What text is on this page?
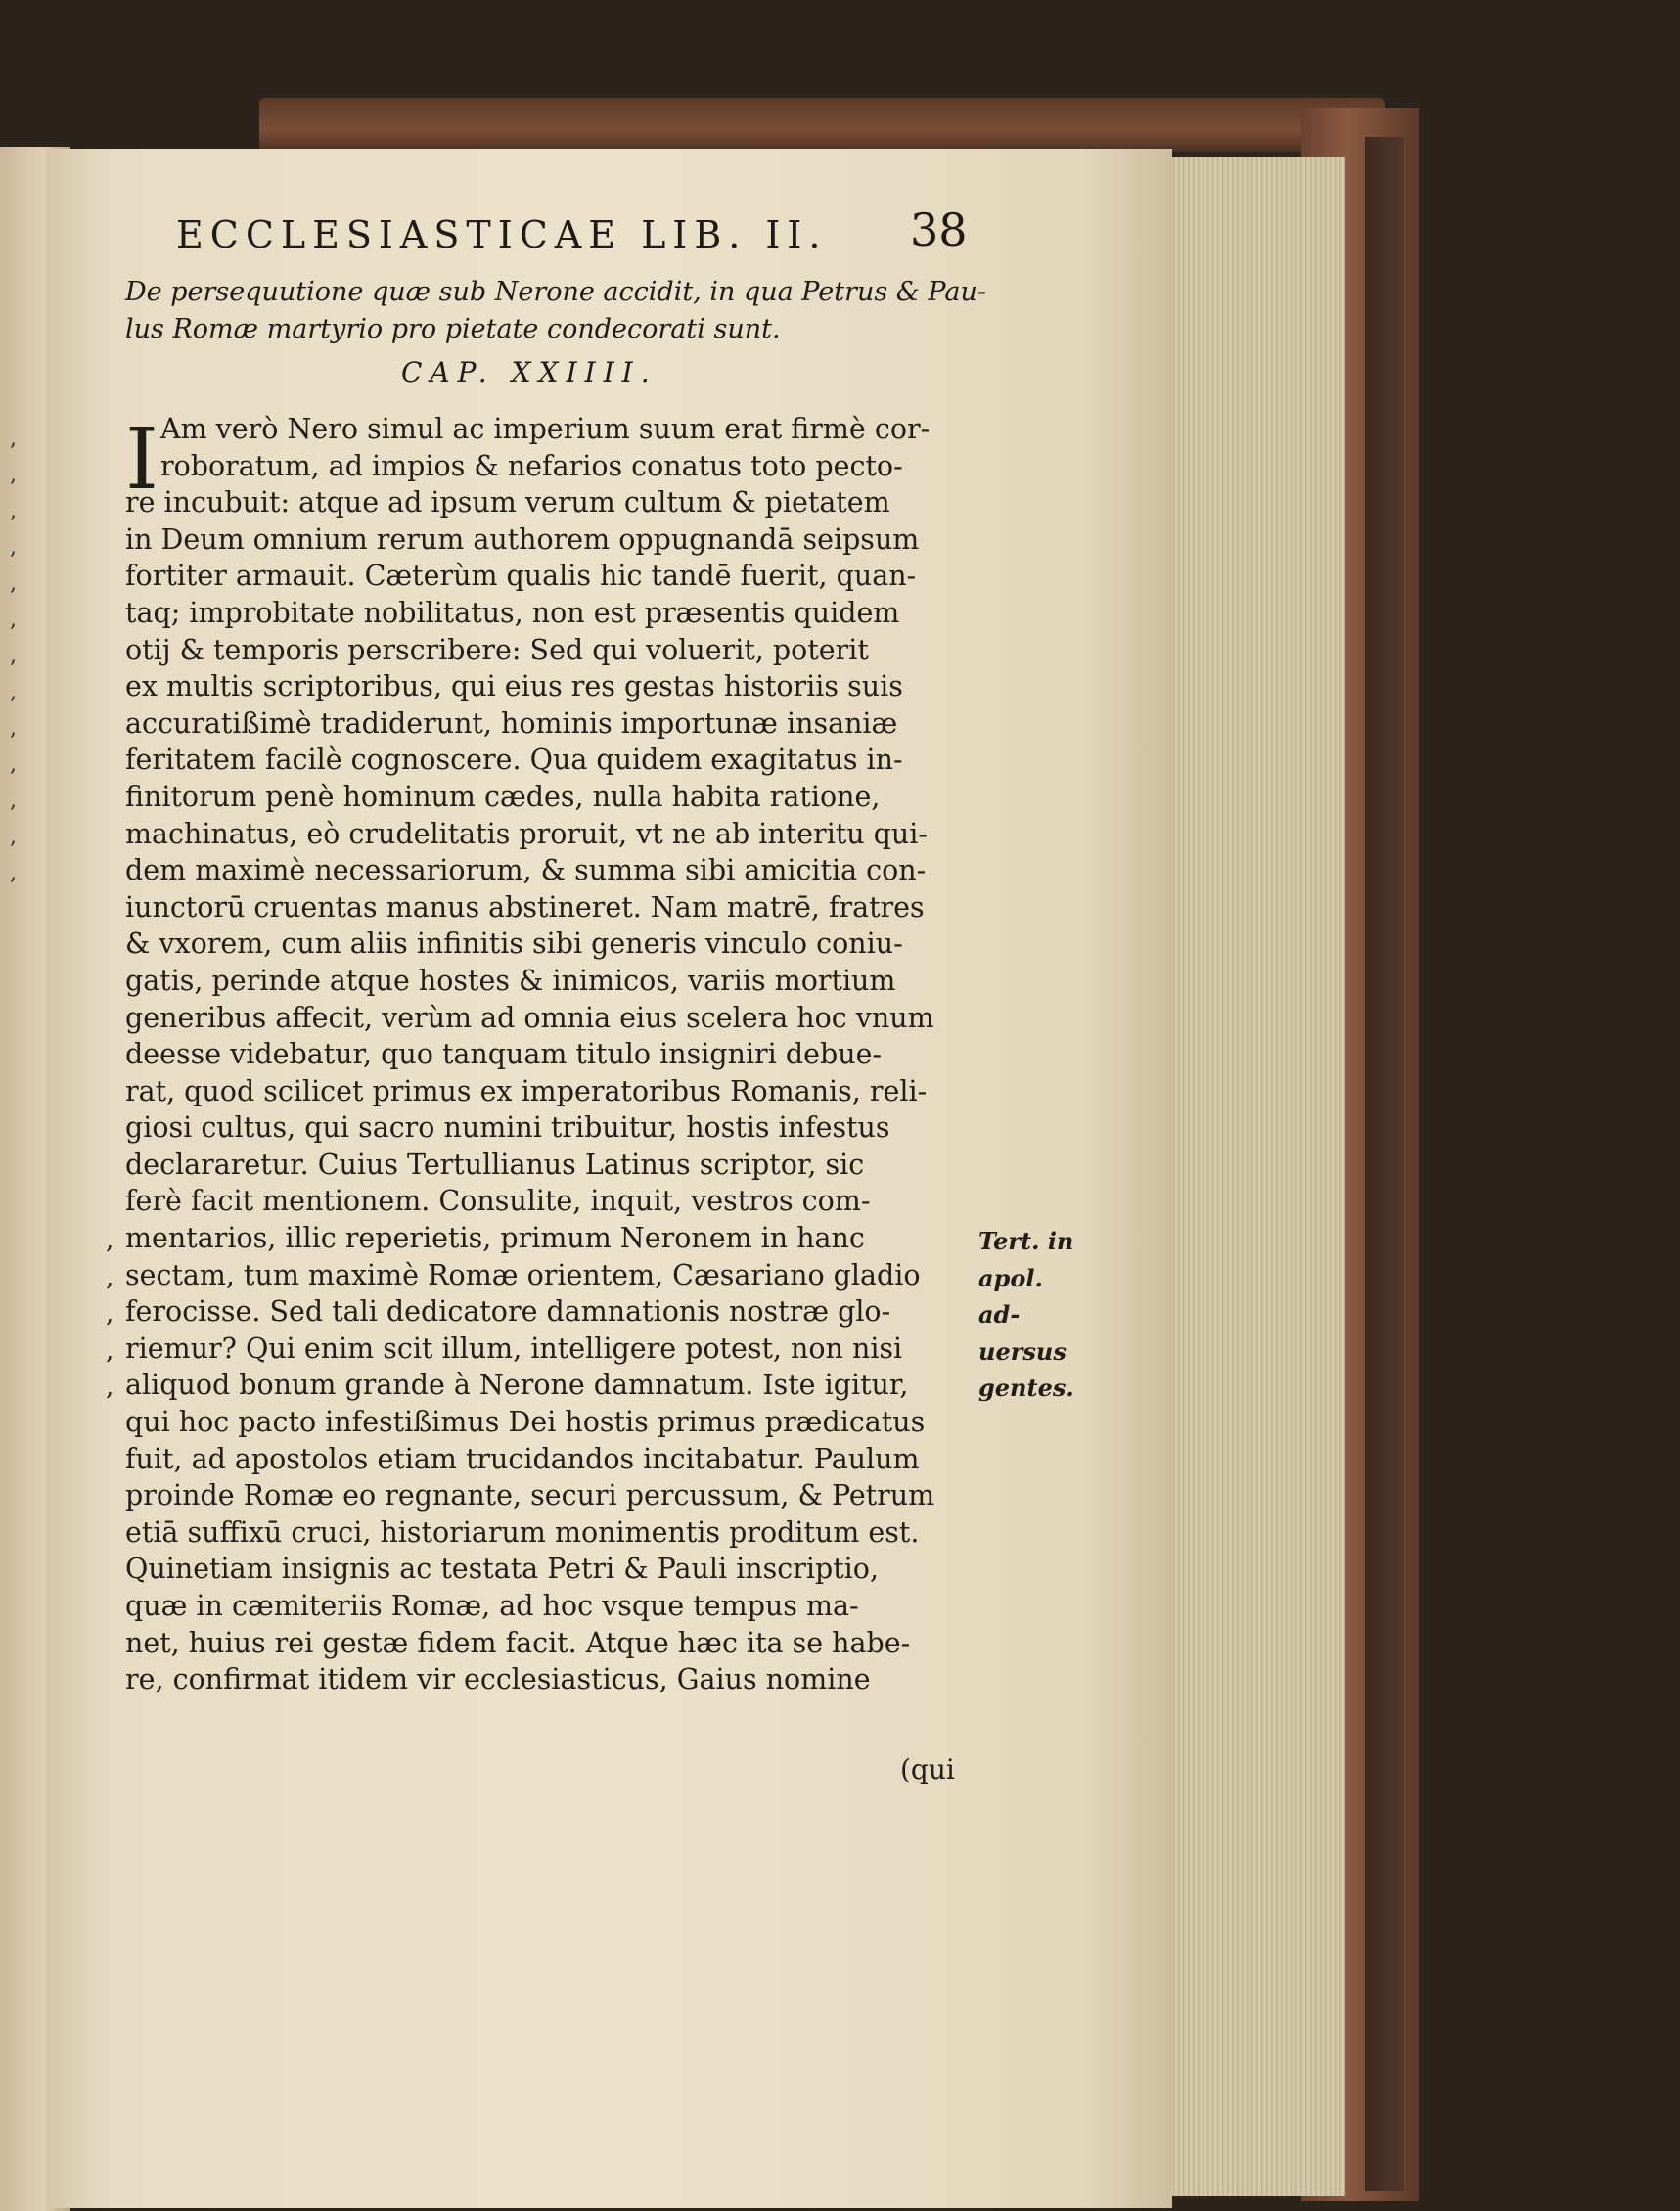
,
,
,
,
,
,
,
,
,
,
,
,
,
ECCLESIASTICAE LIB. II.	38
De persequutione quæ sub Nerone accidit, in qua Petrus & Pau-
lus Romæ martyrio pro pietate condecorati sunt.
CAP. XXIIII.
I Am verò Nero simul ac imperium suum erat firmè cor-
roboratum, ad impios & nefarios conatus toto pecto-
re incubuit: atque ad ipsum verum cultum & pietatem
in Deum omnium rerum authorem oppugnandā seipsum
fortiter armauit. Cæterùm qualis hic tandē fuerit, quan-
taq; improbitate nobilitatus, non est præsentis quidem
otij & temporis perscribere: Sed qui voluerit, poterit
ex multis scriptoribus, qui eius res gestas historiis suis
accuratißimè tradiderunt, hominis importunæ insaniæ
feritatem facilè cognoscere. Qua quidem exagitatus in-
finitorum penè hominum cædes, nulla habita ratione,
machinatus, eò crudelitatis proruit, vt ne ab interitu qui-
dem maximè necessariorum, & summa sibi amicitia con-
iunctorū cruentas manus abstineret. Nam matrē, fratres
& vxorem, cum aliis infinitis sibi generis vinculo coniu-
gatis, perinde atque hostes & inimicos, variis mortium
generibus affecit, verùm ad omnia eius scelera hoc vnum
deesse videbatur, quo tanquam titulo insigniri debue-
rat, quod scilicet primus ex imperatoribus Romanis, reli-
giosi cultus, qui sacro numini tribuitur, hostis infestus
declararetur. Cuius Tertullianus Latinus scriptor, sic
ferè facit mentionem. Consulite, inquit, vestros com-
mentarios, illic reperietis, primum Neronem in hanc
sectam, tum maximè Romæ orientem, Cæsariano gladio
ferocisse. Sed tali dedicatore damnationis nostræ glo-
riemur? Qui enim scit illum, intelligere potest, non nisi
aliquod bonum grande à Nerone damnatum. Iste igitur,
qui hoc pacto infestißimus Dei hostis primus prædicatus
fuit, ad apostolos etiam trucidandos incitabatur. Paulum
proinde Romæ eo regnante, securi percussum, & Petrum
etiā suffixū cruci, historiarum monimentis proditum est.
Quinetiam insignis ac testata Petri & Pauli inscriptio,
quæ in cæmiteriis Romæ, ad hoc vsque tempus ma-
net, huius rei gestæ fidem facit. Atque hæc ita se habe-
re, confirmat itidem vir ecclesiasticus, Gaius nomine
,
,
,
,
,
Tert. in
apol. ad-
uersus
gentes.
(qui
